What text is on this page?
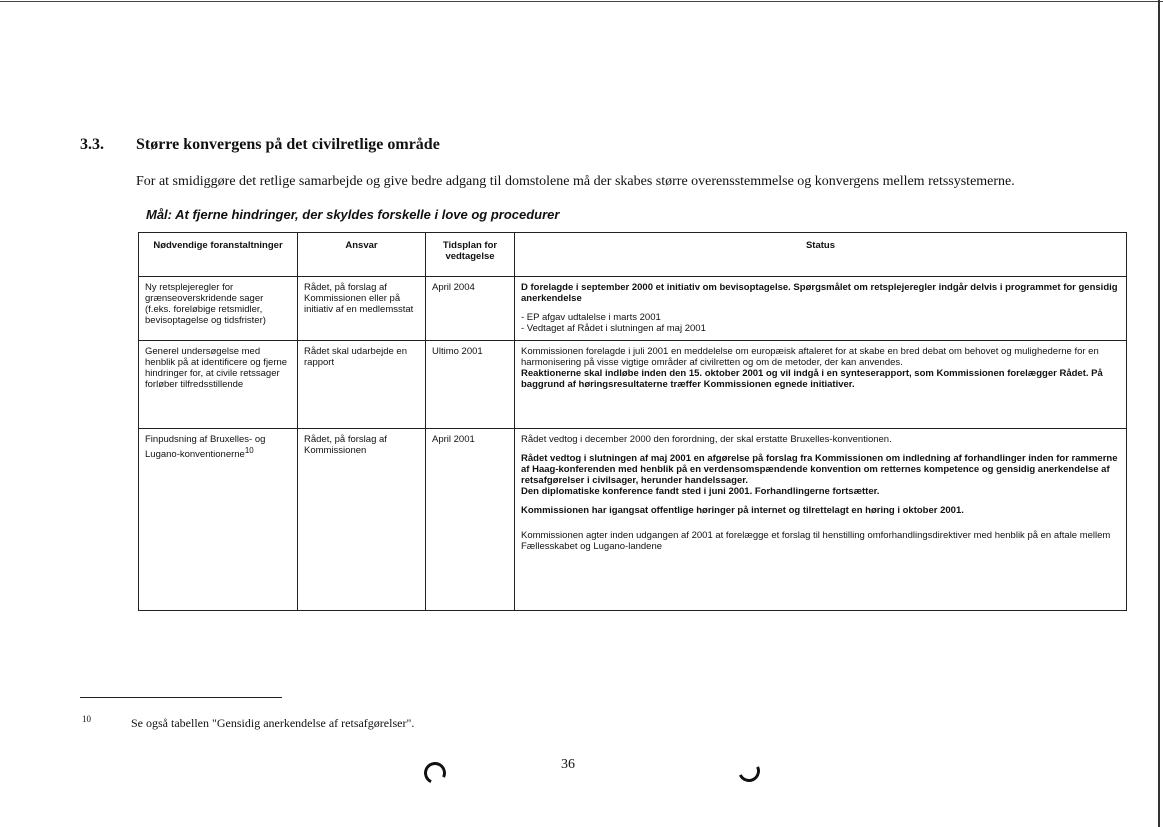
3.3. Større konvergens på det civilretlige område
For at smidiggøre det retlige samarbejde og give bedre adgang til domstolene må der skabes større overensstemmelse og konvergens mellem retssystemerne.
Mål: At fjerne hindringer, der skyldes forskelle i love og procedurer
Nødvendige foranstaltninger	Ansvar	Tidsplan for vedtagelse	Status
Ny retsplejeregler for grænseoverskridende sager (f.eks. foreløbige retsmidler, bevisoptagelse og tidsfrister)	Rådet, på forslag af Kommissionen eller på initiativ af en medlemsstat	April 2004	D forelagde i september 2000 et initiativ om bevisoptagelse. Spørgsmålet om retsplejeregler indgår delvis i programmet for gensidig anerkendelse

- EP afgav udtalelse i marts 2001

- Vedtaget af Rådet i slutningen af maj 2001

Generel undersøgelse med henblik på at identificere og fjerne hindringer for, at civile retssager forløber tilfredsstillende	Rådet skal udarbejde en rapport	Ultimo 2001	Kommissionen forelagde i juli 2001 en meddelelse om europæisk aftaleret for at skabe en bred debat om behovet og mulighederne for en harmonisering på visse vigtige områder af civilretten og om de metoder, der kan anvendes.

Reaktionerne skal indløbe inden den 15. oktober 2001 og vil indgå i en synteserapport, som Kommissionen forelægger Rådet. På baggrund af høringsresultaterne træffer Kommissionen egnede initiativer.

Finpudsning af Bruxelles- og Lugano-konventionerne$^{10}$	Rådet, på forslag af Kommissionen	April 2001	Rådet vedtog i december 2000 den forordning, der skal erstatte Bruxelles-konventionen.

Rådet vedtog i slutningen af maj 2001 en afgørelse på forslag fra Kommissionen om indledning af forhandlinger inden for rammerne af Haag-konferenden med henblik på en verdensomspændende konvention om retternes kompetence og gensidig anerkendelse af retsafgørelser i civilsager, herunder handelssager.

Den diplomatiske konference fandt sted i juni 2001. Forhandlingerne fortsætter.

Kommissionen har igangsat offentlige høringer på internet og tilrettelagt en høring i oktober 2001.

Kommissionen agter inden udgangen af 2001 at forelægge et forslag til henstilling omforhandlingsdirektiver med henblik på en aftale mellem Fællesskabet og Lugano-landene

10	Se også tabellen "Gensidig anerkendelse af retsafgørelser".
36
